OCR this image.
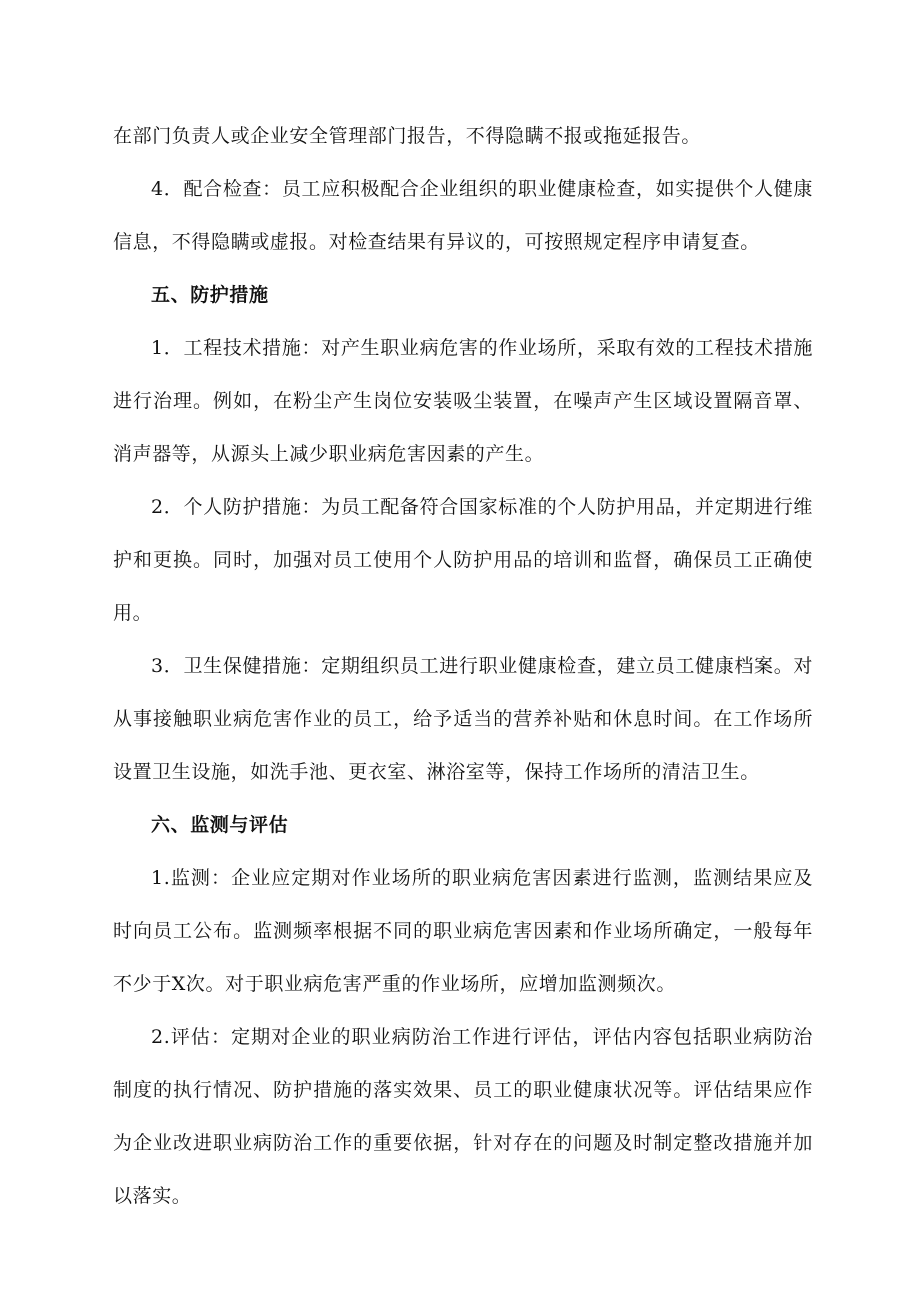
在部门负责人或企业安全管理部门报告，不得隐瞒不报或拖延报告。

4．配合检查：员工应积极配合企业组织的职业健康检查，如实提供个人健康信息，不得隐瞒或虚报。对检查结果有异议的，可按照规定程序申请复查。

五、防护措施

1．工程技术措施：对产生职业病危害的作业场所，采取有效的工程技术措施进行治理。例如，在粉尘产生岗位安装吸尘装置，在噪声产生区域设置隔音罩、消声器等，从源头上减少职业病危害因素的产生。

2．个人防护措施：为员工配备符合国家标准的个人防护用品，并定期进行维护和更换。同时，加强对员工使用个人防护用品的培训和监督，确保员工正确使用。

3．卫生保健措施：定期组织员工进行职业健康检查，建立员工健康档案。对从事接触职业病危害作业的员工，给予适当的营养补贴和休息时间。在工作场所设置卫生设施，如洗手池、更衣室、淋浴室等，保持工作场所的清洁卫生。

六、监测与评估

1.监测：企业应定期对作业场所的职业病危害因素进行监测，监测结果应及时向员工公布。监测频率根据不同的职业病危害因素和作业场所确定，一般每年不少于X次。对于职业病危害严重的作业场所，应增加监测频次。

2.评估：定期对企业的职业病防治工作进行评估，评估内容包括职业病防治制度的执行情况、防护措施的落实效果、员工的职业健康状况等。评估结果应作为企业改进职业病防治工作的重要依据，针对存在的问题及时制定整改措施并加以落实。
